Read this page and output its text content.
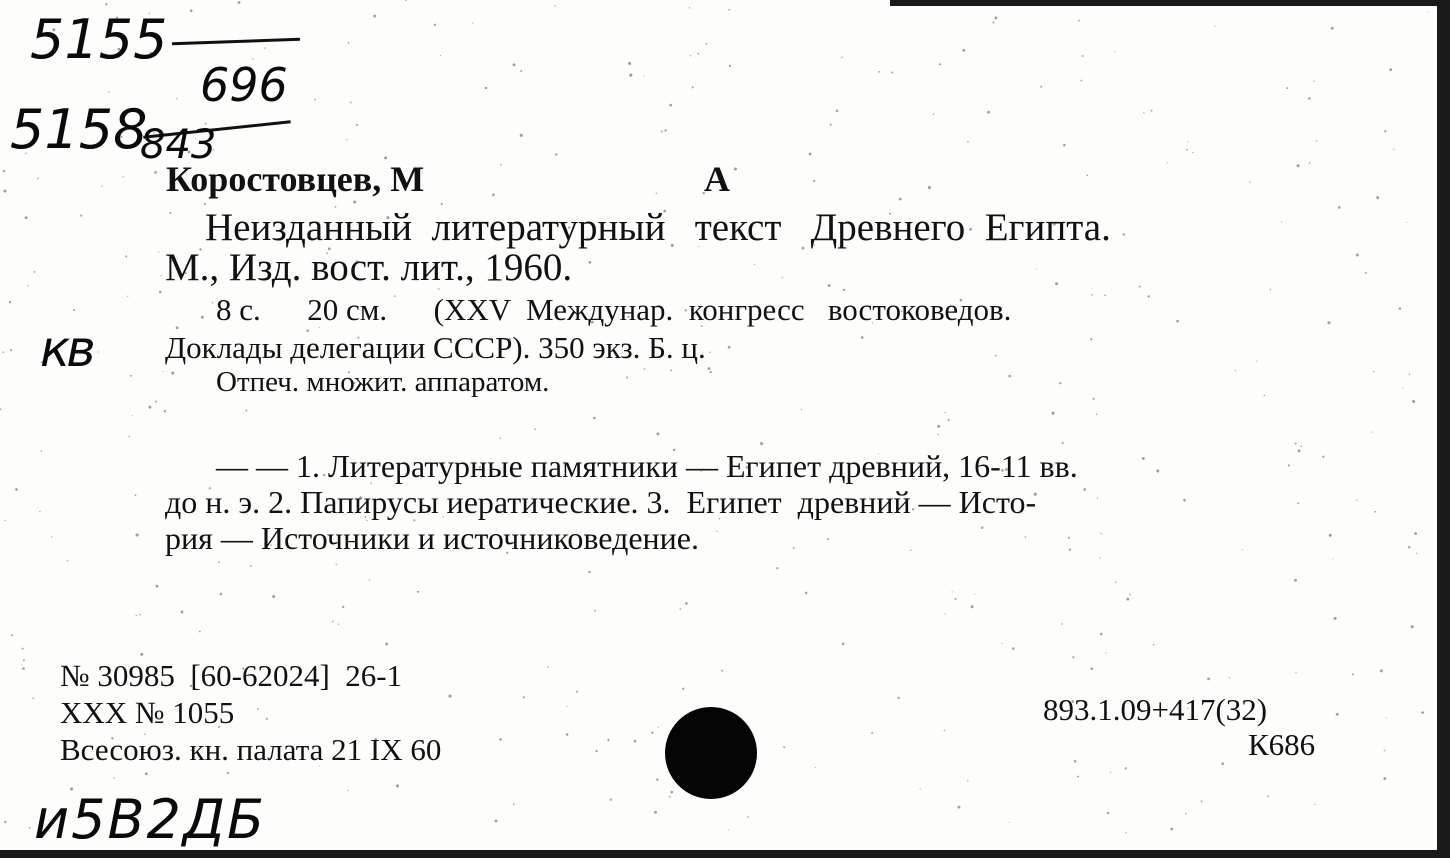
5155
696
5158
843
кв
Коростовцев, М	А
Неизданный  литературный   текст   Древнего  Египта.
М., Изд. вост. лит., 1960.
8 с.      20 см.      (XXV  Междунар.  конгресс   востоковедов.
Доклады делегации СССР). 350 экз. Б. ц.
Отпеч. множит. аппаратом.
— — 1. Литературные памятники — Египет древний, 16-11 вв.
до н. э. 2. Папирусы иератические. 3.  Египет  древний — Исто-
рия — Источники и источниковедение.
№ 30985  [60-62024]  26-1
XXX № 1055
Всесоюз. кн. палата 21 IX 60
893.1.09+417(32)
К686
и5B2ДБ
